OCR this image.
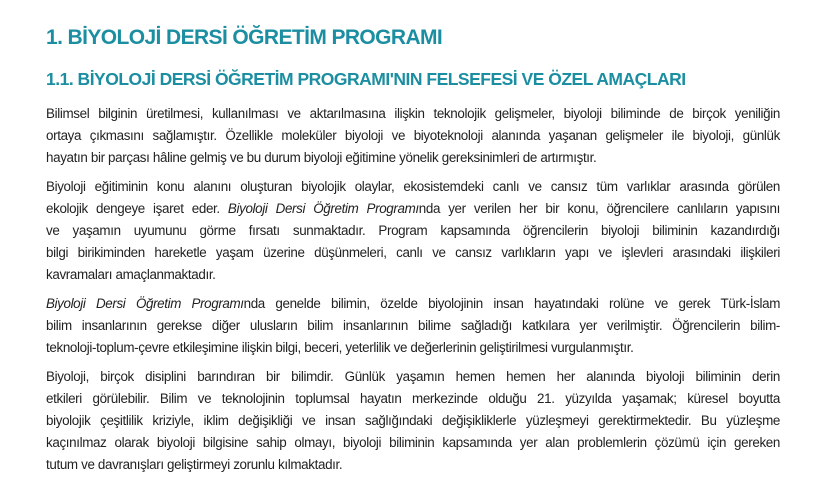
1. BİYOLOJİ DERSİ ÖĞRETİM PROGRAMI
1.1. BİYOLOJİ DERSİ ÖĞRETİM PROGRAMI'NIN FELSEFESİ VE ÖZEL AMAÇLARI
Bilimsel bilginin üretilmesi, kullanılması ve aktarılmasına ilişkin teknolojik gelişmeler, biyoloji biliminde de birçok yeniliğin
ortaya çıkmasını sağlamıştır. Özellikle moleküler biyoloji ve biyoteknoloji alanında yaşanan gelişmeler ile biyoloji, günlük
hayatın bir parçası hâline gelmiş ve bu durum biyoloji eğitimine yönelik gereksinimleri de artırmıştır.
Biyoloji eğitiminin konu alanını oluşturan biyolojik olaylar, ekosistemdeki canlı ve cansız tüm varlıklar arasında görülen
ekolojik dengeye işaret eder. Biyoloji Dersi Öğretim Programında yer verilen her bir konu, öğrencilere canlıların yapısını
ve yaşamın uyumunu görme fırsatı sunmaktadır. Program kapsamında öğrencilerin biyoloji biliminin kazandırdığı
bilgi birikiminden hareketle yaşam üzerine düşünmeleri, canlı ve cansız varlıkların yapı ve işlevleri arasındaki ilişkileri
kavramaları amaçlanmaktadır.
Biyoloji Dersi Öğretim Programında genelde bilimin, özelde biyolojinin insan hayatındaki rolüne ve gerek Türk-İslam
bilim insanlarının gerekse diğer ulusların bilim insanlarının bilime sağladığı katkılara yer verilmiştir. Öğrencilerin bilim-
teknoloji-toplum-çevre etkileşimine ilişkin bilgi, beceri, yeterlilik ve değerlerinin geliştirilmesi vurgulanmıştır.
Biyoloji, birçok disiplini barındıran bir bilimdir. Günlük yaşamın hemen hemen her alanında biyoloji biliminin derin
etkileri görülebilir. Bilim ve teknolojinin toplumsal hayatın merkezinde olduğu 21. yüzyılda yaşamak; küresel boyutta
biyolojik çeşitlilik kriziyle, iklim değişikliği ve insan sağlığındaki değişikliklerle yüzleşmeyi gerektirmektedir. Bu yüzleşme
kaçınılmaz olarak biyoloji bilgisine sahip olmayı, biyoloji biliminin kapsamında yer alan problemlerin çözümü için gereken
tutum ve davranışları geliştirmeyi zorunlu kılmaktadır.
